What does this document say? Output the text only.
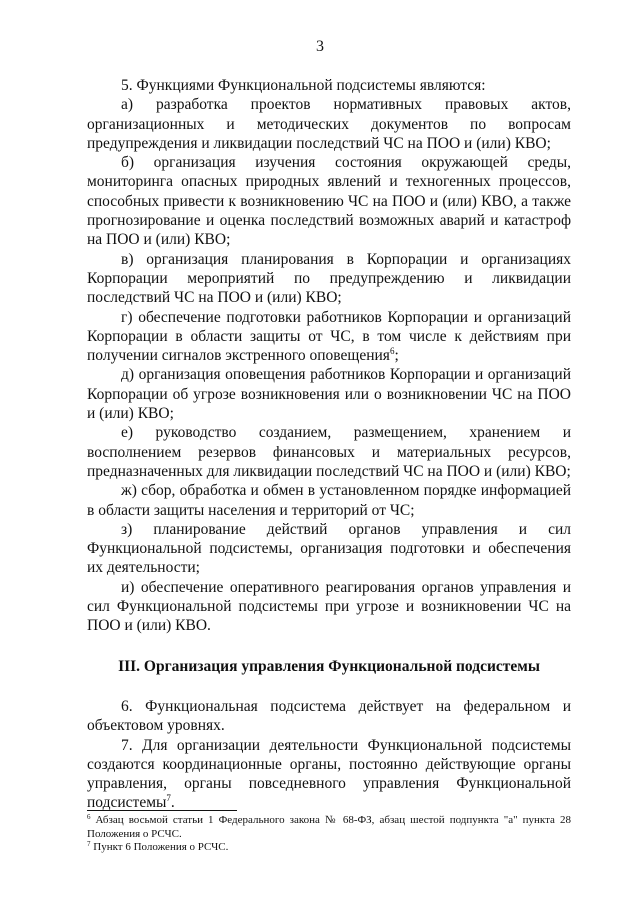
3

5. Функциями Функциональной подсистемы являются:

а) разработка проектов нормативных правовых актов, организационных и методических документов по вопросам предупреждения и ликвидации последствий ЧС на ПОО и (или) КВО;

б) организация изучения состояния окружающей среды, мониторинга опасных природных явлений и техногенных процессов, способных привести к возникновению ЧС на ПОО и (или) КВО, а также прогнозирование и оценка последствий возможных аварий и катастроф на ПОО и (или) КВО;

в) организация планирования в Корпорации и организациях Корпорации мероприятий по предупреждению и ликвидации последствий ЧС на ПОО и (или) КВО;

г) обеспечение подготовки работников Корпорации и организаций Корпорации в области защиты от ЧС, в том числе к действиям при получении сигналов экстренного оповещения$^6$;

д) организация оповещения работников Корпорации и организаций Корпорации об угрозе возникновения или о возникновении ЧС на ПОО и (или) КВО;

е) руководство созданием, размещением, хранением и восполнением резервов финансовых и материальных ресурсов, предназначенных для ликвидации последствий ЧС на ПОО и (или) КВО;

ж) сбор, обработка и обмен в установленном порядке информацией в области защиты населения и территорий от ЧС;

з) планирование действий органов управления и сил Функциональной подсистемы, организация подготовки и обеспечения их деятельности;

и) обеспечение оперативного реагирования органов управления и сил Функциональной подсистемы при угрозе и возникновении ЧС на ПОО и (или) КВО.

III. Организация управления Функциональной подсистемы

6. Функциональная подсистема действует на федеральном и объектовом уровнях.

7. Для организации деятельности Функциональной подсистемы создаются координационные органы, постоянно действующие органы управления, органы повседневного управления Функциональной подсистемы$^7$.

$^6$ Абзац восьмой статьи 1 Федерального закона № 68-ФЗ, абзац шестой подпункта "а" пункта 28 Положения о РСЧС.

$^7$ Пункт 6 Положения о РСЧС.
